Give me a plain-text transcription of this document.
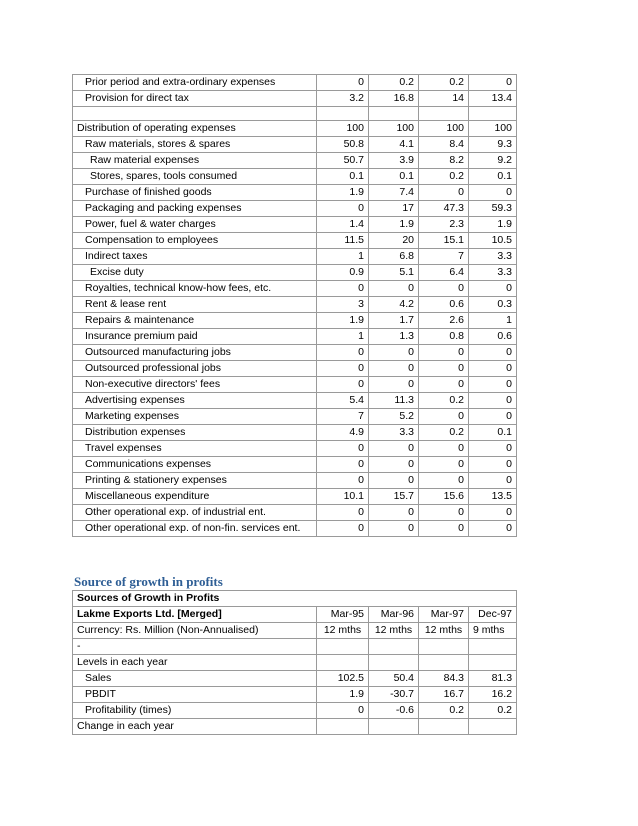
Prior period and extra-ordinary expenses	0	0.2	0.2	0
Provision for direct tax	3.2	16.8	14	13.4

Distribution of operating expenses	100	100	100	100
Raw materials, stores & spares	50.8	4.1	8.4	9.3
Raw material expenses	50.7	3.9	8.2	9.2
Stores, spares, tools consumed	0.1	0.1	0.2	0.1
Purchase of finished goods	1.9	7.4	0	0
Packaging and packing expenses	0	17	47.3	59.3
Power, fuel & water charges	1.4	1.9	2.3	1.9
Compensation to employees	11.5	20	15.1	10.5
Indirect taxes	1	6.8	7	3.3
Excise duty	0.9	5.1	6.4	3.3
Royalties, technical know-how fees, etc.	0	0	0	0
Rent & lease rent	3	4.2	0.6	0.3
Repairs & maintenance	1.9	1.7	2.6	1
Insurance premium paid	1	1.3	0.8	0.6
Outsourced manufacturing jobs	0	0	0	0
Outsourced professional jobs	0	0	0	0
Non-executive directors' fees	0	0	0	0
Advertising expenses	5.4	11.3	0.2	0
Marketing expenses	7	5.2	0	0
Distribution expenses	4.9	3.3	0.2	0.1
Travel expenses	0	0	0	0
Communications expenses	0	0	0	0
Printing & stationery expenses	0	0	0	0
Miscellaneous expenditure	10.1	15.7	15.6	13.5
Other operational exp. of industrial ent.	0	0	0	0
Other operational exp. of non-fin. services ent.	0	0	0	0
Source of growth in profits
Sources of Growth in Profits				
Lakme Exports Ltd. [Merged]	Mar-95	Mar-96	Mar-97	Dec-97
Currency: Rs. Million (Non-Annualised)	12 mths	12 mths	12 mths	9 mths
-				
Levels in each year				
Sales	102.5	50.4	84.3	81.3
PBDIT	1.9	-30.7	16.7	16.2
Profitability (times)	0	-0.6	0.2	0.2
Change in each year				
